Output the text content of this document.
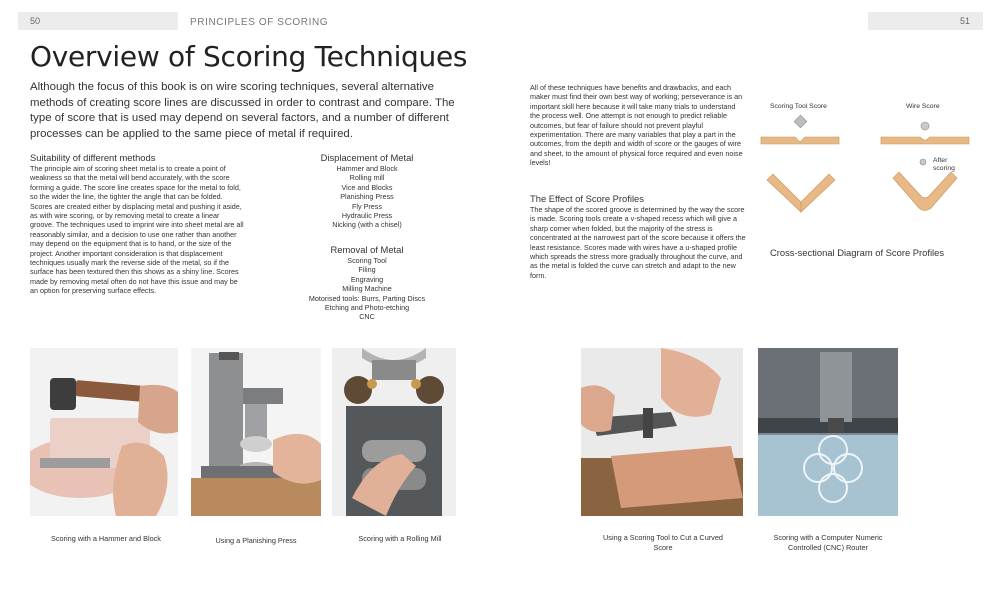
50	51
PRINCIPLES OF SCORING
Overview of Scoring Techniques

Although the focus of this book is on wire scoring techniques, several alternative methods of creating score lines are discussed in order to contrast and compare. The type of score that is used may depend on several factors, and a number of different processes can be applied to the same piece of metal if required.

Suitability of different methods

The principle aim of scoring sheet metal is to create a point of weakness so that the metal will bend accurately, with the score forming a guide. The score line creates space for the metal to fold, so the wider the line, the tighter the angle that can be folded. Scores are created either by displacing metal and pushing it aside, as with wire scoring, or by removing metal to create a linear groove. The techniques used to imprint wire into sheet metal are all reasonably similar, and a decision to use one rather than another may depend on the equipment that is to hand, or the size of the project. Another important consideration is that displacement techniques usually mark the reverse side of the metal, so if the surface has been textured then this shows as a shiny line. Scores made by removing metal often do not have this issue and may be an option for preserving surface effects.

Displacement of Metal

Hammer and Block
Rolling mill
Vice and Blocks
Planishing Press
Fly Press
Hydraulic Press
Nicking (with a chisel)

Removal of Metal

Scoring Tool
Filing
Engraving
Milling Machine
Motorised tools: Burrs, Parting Discs
Etching and Photo-etching
CNC

All of these techniques have benefits and drawbacks, and each maker must find their own best way of working; perseverance is an important skill here because it will take many trials to understand the process well. One attempt is not enough to predict reliable outcomes, but fear of failure should not prevent playful experimentation. There are many variables that play a part in the outcomes, from the depth and width of score or the gauges of wire and sheet, to the amount of physical force required and even noise levels!

The Effect of Score Profiles

The shape of the scored groove is determined by the way the score is made. Scoring tools create a v-shaped recess which will give a sharp corner when folded, but the majority of the stress is concentrated at the narrowest part of the score because it offers the least resistance. Scores made with wires have a u-shaped profile which spreads the stress more gradually throughout the curve, and as the metal is folded the curve can stretch and adapt to the new form.

Scoring Tool Score	Wire Score
After scoring
Cross-sectional Diagram of Score Profiles
Scoring with a Hammer and Block	Using a Planishing Press	Scoring with a Rolling Mill	Using a Scoring Tool to Cut a Curved Score
Scoring with a Computer Numeric Controlled (CNC) Router
